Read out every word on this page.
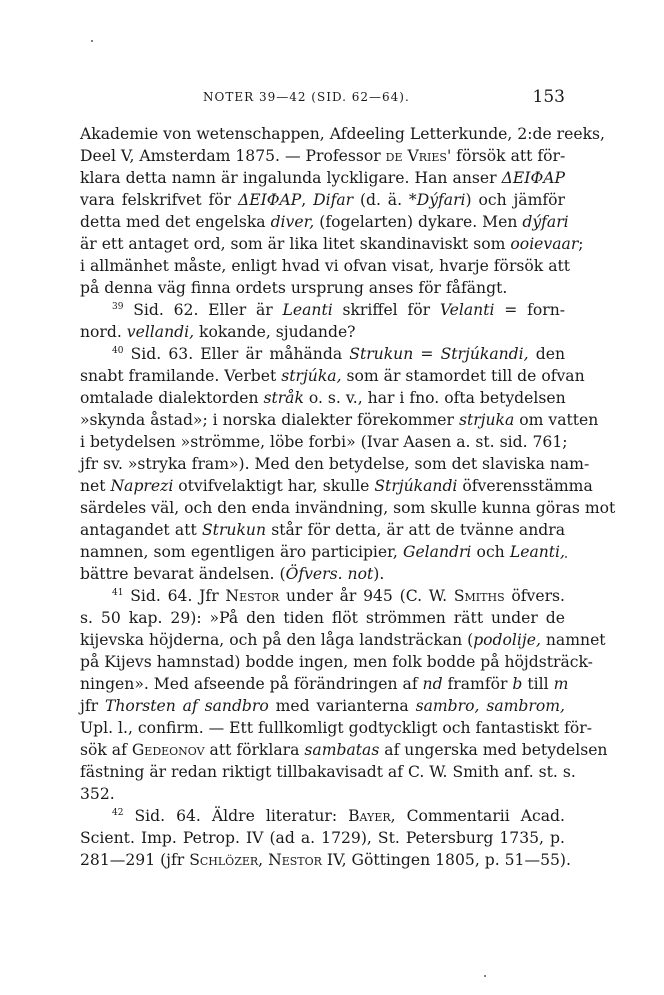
NOTER 39—42 (SID. 62—64).	153
Akademie von wetenschappen, Afdeeling Letterkunde, 2:de reeks,
Deel V, Amsterdam 1875. — Professor de Vries' försök att för-
klara detta namn är ingalunda lyckligare. Han anser ΔΕΙΦΑΡ
vara felskrifvet för ΔΕΙΦΑΡ, Difar (d. ä. *Dýfari) och jämför
detta med det engelska diver, (fogelarten) dykare. Men dýfari
är ett antaget ord, som är lika litet skandinaviskt som ooievaar;
i allmänhet måste, enligt hvad vi ofvan visat, hvarje försök att
på denna väg finna ordets ursprung anses för fåfängt.
$^{39}$ Sid. 62. Eller är Leanti skriffel för Velanti = forn-
nord. vellandi, kokande, sjudande?
$^{40}$ Sid. 63. Eller är måhända Strukun = Strjúkandi, den
snabt framilande. Verbet strjúka, som är stamordet till de ofvan
omtalade dialektorden stråk o. s. v., har i fno. ofta betydelsen
»skynda åstad»; i norska dialekter förekommer strjuka om vatten
i betydelsen »strömme, löbe forbi» (Ivar Aasen a. st. sid. 761;
jfr sv. »stryka fram»). Med den betydelse, som det slaviska nam-
net Naprezi otvifvelaktigt har, skulle Strjúkandi öfverensstämma
särdeles väl, och den enda invändning, som skulle kunna göras mot
antagandet att Strukun står för detta, är att de tvänne andra
namnen, som egentligen äro participier, Gelandri och Leanti,
bättre bevarat ändelsen. (Öfvers. not).
$^{41}$ Sid. 64. Jfr Nestor under år 945 (C. W. Smiths öfvers.
s. 50 kap. 29): »På den tiden flöt strömmen rätt under de
kijevska höjderna, och på den låga landsträckan (podolije, namnet
på Kijevs hamnstad) bodde ingen, men folk bodde på höjdsträck-
ningen». Med afseende på förändringen af nd framför b till m
jfr Thorsten af sandbro med varianterna sambro, sambrom,
Upl. l., confirm. — Ett fullkomligt godtyckligt och fantastiskt för-
sök af Gedeonov att förklara sambatas af ungerska med betydelsen
fästning är redan riktigt tillbakavisadt af C. W. Smith anf. st. s.
352.
$^{42}$ Sid. 64. Äldre literatur: Bayer, Commentarii Acad.
Scient. Imp. Petrop. IV (ad a. 1729), St. Petersburg 1735, p.
281—291 (jfr Schlözer, Nestor IV, Göttingen 1805, p. 51—55).
